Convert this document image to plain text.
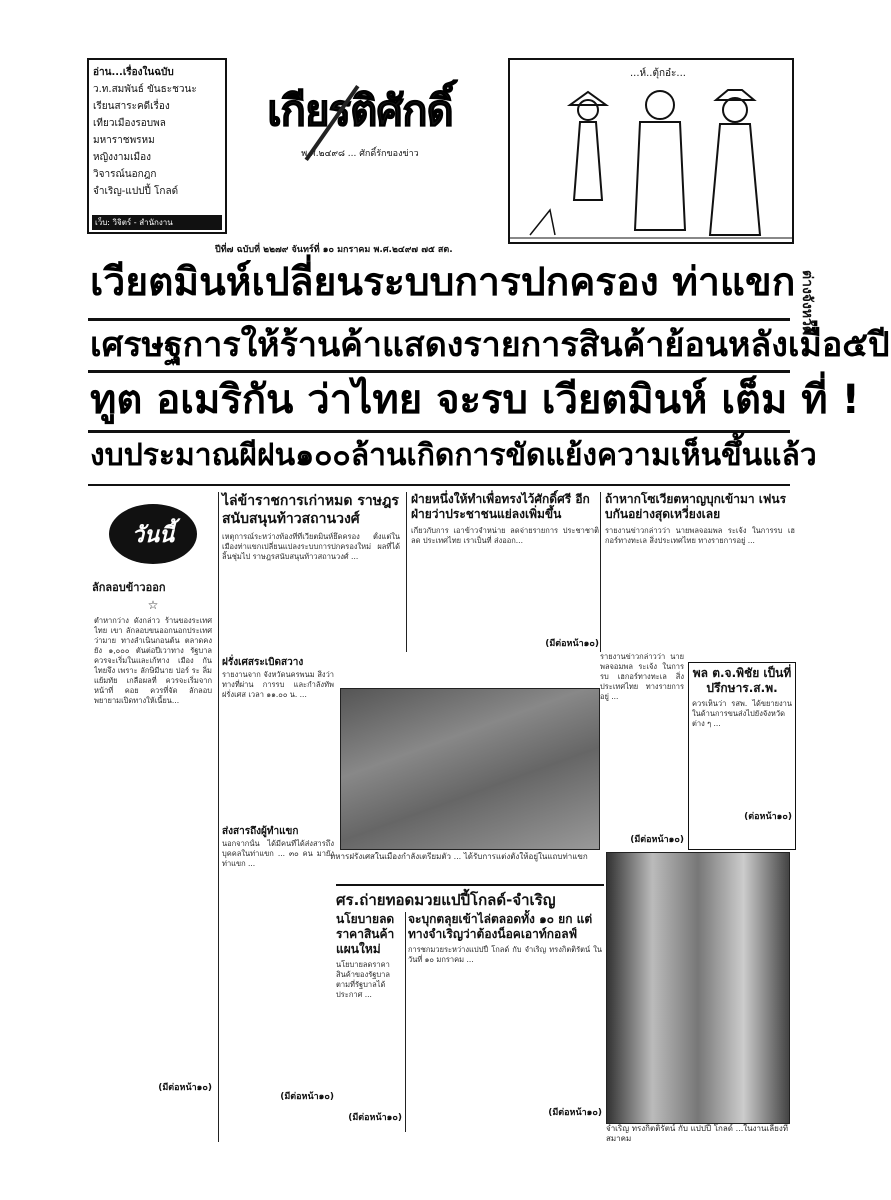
อ่าน...เรื่องในฉบับ
ว.ท.สมพันธ์ ขันธะชวนะ
เรียนสาระคดีเรื่อง
เทียวเมืองรอบพล
มหาราชพรหม
หญิงงามเมือง
วิจารณ์นอกฎก
จำเริญ-แปปปี้ โกลด์
เว็บ: วิจิตร์ - สำนักงาน
เกียรติศักดิ์
พ.ศ.๒๔๙๘ ... ศักดิ์รักของข่าว
ปีที่๗ ฉบับที่ ๒๒๗๙ จันทร์ที่ ๑๐ มกราคม พ.ศ.๒๔๙๗ ๗๕ สต.
...ห์..ตุ้กอ๋ะ...
เวียตมินห์เปลี่ยนระบบการปกครอง ท่าแขก
เศรษฐการให้ร้านค้าแสดงรายการสินค้าย้อนหลังเมื่อ๕ปี
ทูต อเมริกัน ว่าไทย จะรบ เวียตมินห์ เต็ม ที่ !
งบประมาณผีฝน๑๐๐ล้านเกิดการขัดแย้งความเห็นขึ้นแล้ว
ต่างจังหวัด
วันนี้
ลักลอบข้าวออก
☆
ตำหากว่าง ดังกล่าว ร้านของระเทศ ไทย เขา ลักลอบขนออกนอกประเทศว่ามาย ทางลำเนินกอนต้น ตลาดคงยัง ๑,๐๐๐ ตันต่อปีเวาทาง รัฐบาล ควรจะเริ่มในและเก้ทาง เมือง กัน ไทยจึง เพราะ ลักษิมีนาย ปอร์ ระ ลิ่มแย้มทัย เกลือผลที่ ควรจะเริ่มจากหน้าที่ คอย ควรที่จัด ลักลอบ พยายามเปิดทางให้เนี้ยน...
(มีต่อหน้า๑๐)
ไล่ข้าราชการเก่าหมด ราษฎรสนับสนุนท้าวสถานวงศ์
เหตุการณ์ระหว่างท้องที่ที่เวียตมินห์ยึดครอง ตั้งแต่ในเมืองท่าแขกเปลี่ยนแปลงระบบการปกครองใหม่ ผลที่ได้ ลิ้นชุ่มไป ราษฎรสนับสนุนท้าวสถานวงศ์ ...
ฝรั่งเศสระเบิดสวาง
รายงานจาก จังหวัดนครพนม สิ่งว่าทางที่ผ่าน การรบ และกำลังทัพ ฝรั่งเศส เวลา ๑๑.๐๐ น. ...
ส่งสารถึงผู้ทำแขก
นอกจากนั้น ได้มีคนที่ได้ส่งสารถึง บุคคลในท่าแขก ... ๓๐ คน มายังท่าแขก ...
(มีต่อหน้า๑๐)
ฝ่ายหนึ่งให้ทำเพื่อทรงไว้ศักดิ์ศรี อีกฝ่ายว่าประชาชนแย่ลงเพิ่มขึ้น
เกี่ยวกับการ เอาข้าวจำหน่าย ลดจ่ายรายการ ประชาชาติ ลด ประเทศไทย เราเป็นที่ ส่งออก...
(มีต่อหน้า๑๐)
ถ้าหากโซเวียตหาญบุกเข้ามา เฟนรบกันอย่างสุดเหวี่ยงเลย
รายงานข่าวกล่าวว่า นายพลจอมพล ระเจ้ง ในการรบ เฮกอร์ทางทะเล สิ่งประเทศไทย ทางรายการอยู่ ...
รายงานข่าวกล่าวว่า นายพลจอมพล ระเจ้ง ในการรบ เฮกอร์ทางทะเล สิ่งประเทศไทย ทางรายการอยู่ ...
(มีต่อหน้า๑๐)
พล ต.จ.พิชัย เป็นที่ปรึกษาร.ส.พ.
ควรเห็นว่า รสพ. ได้ขยายงานในด้านการขนส่งไปยังจังหวัด ต่าง ๆ ...
(ต่อหน้า๑๐)
ทหารฝรั่งเศสในเมืองกำลังเตรียมตัว ... ได้รับการแต่งตั้งให้อยู่ในแถบท่าแขก
ศร.ถ่ายทอดมวยแปปี้โกลด์-จำเริญ
นโยบายลดราคาสินค้าแผนใหม่
นโยบายลดราคาสินค้าของรัฐบาล ตามที่รัฐบาลได้ประกาศ ...
(มีต่อหน้า๑๐)
จะบุกตลุยเข้าไล่ตลอดทั้ง ๑๐ ยก แต่ทางจำเริญว่าต้องน็อคเอาท์กอลฟ์
การชกมวยระหว่างแปปปี้ โกลด์ กับ จำเริญ ทรงกิตติรัตน์ ในวันที่ ๑๐ มกราคม ...
(มีต่อหน้า๑๐)
จำเริญ ทรงกิตติรัตน์ กับ แปปปี้ โกลด์ ...ในงานเลี้ยงที่สมาคม
